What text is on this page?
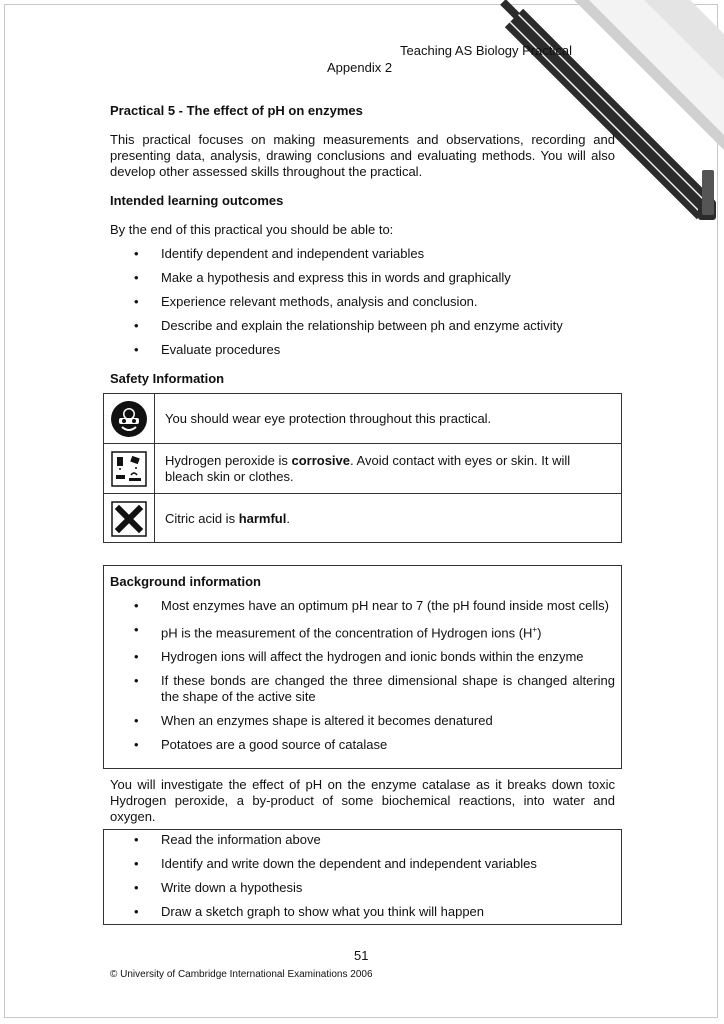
www.XtremePapers.com
Teaching AS Biology Practical
Appendix 2
Practical 5 - The effect of pH on enzymes
This practical focuses on making measurements and observations, recording and presenting data, analysis, drawing conclusions and evaluating methods. You will also develop other assessed skills throughout the practical.
Intended learning outcomes
By the end of this practical you should be able to:
• Identify dependent and independent variables
• Make a hypothesis and express this in words and graphically
• Experience relevant methods, analysis and conclusion.
• Describe and explain the relationship between ph and enzyme activity
• Evaluate procedures
Safety Information
You should wear eye protection throughout this practical.
Hydrogen peroxide is corrosive. Avoid contact with eyes or skin. It will bleach skin or clothes.
Citric acid is harmful.
Background information
• Most enzymes have an optimum pH near to 7 (the pH found inside most cells)
• pH is the measurement of the concentration of Hydrogen ions (H+)
• Hydrogen ions will affect the hydrogen and ionic bonds within the enzyme
• If these bonds are changed the three dimensional shape is changed altering the shape of the active site
• When an enzymes shape is altered it becomes denatured
• Potatoes are a good source of catalase
You will investigate the effect of pH on the enzyme catalase as it breaks down toxic Hydrogen peroxide, a by-product of some biochemical reactions, into water and oxygen.
• Read the information above
• Identify and write down the dependent and independent variables
• Write down a hypothesis
• Draw a sketch graph to show what you think will happen
51
© University of Cambridge International Examinations 2006
